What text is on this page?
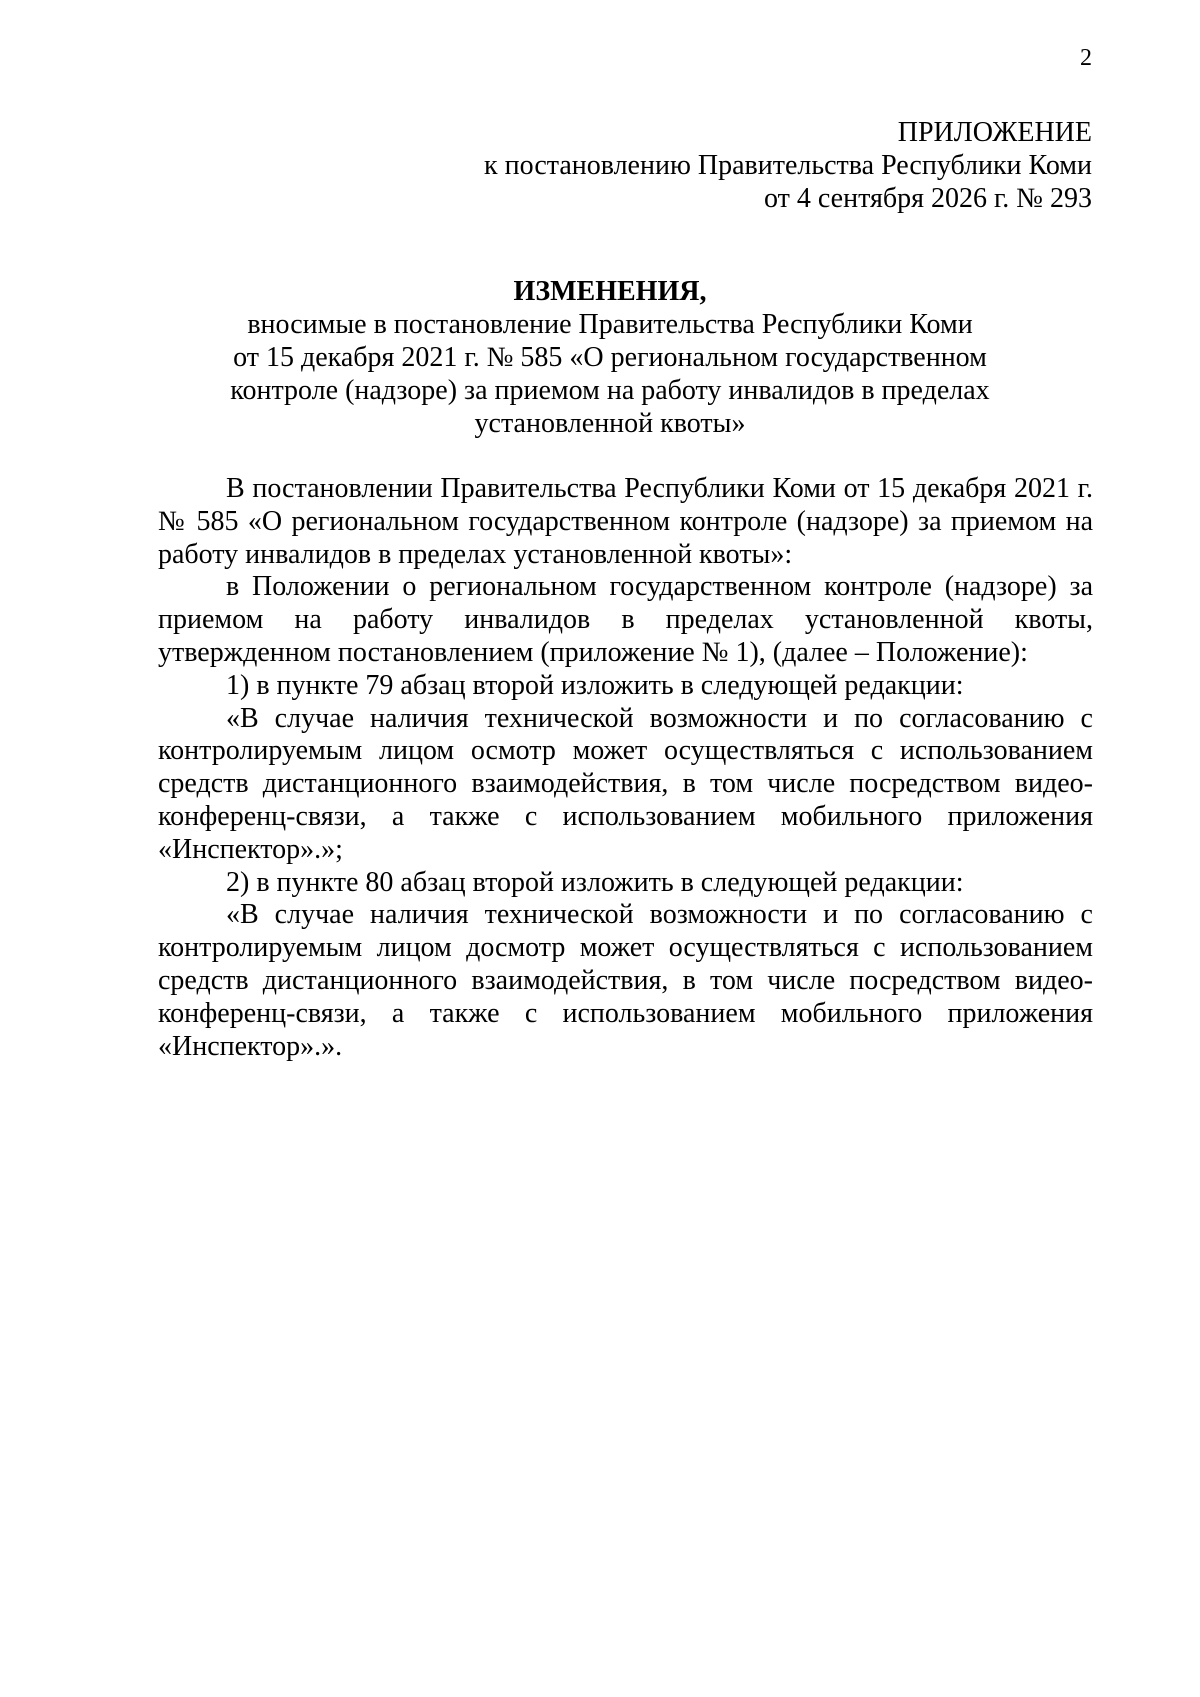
2
ПРИЛОЖЕНИЕ
к постановлению Правительства Республики Коми
от 4 сентября 2026 г. № 293
ИЗМЕНЕНИЯ,
вносимые в постановление Правительства Республики Коми
от 15 декабря 2021 г. № 585 «О региональном государственном
контроле (надзоре) за приемом на работу инвалидов в пределах
установленной квоты»

В постановлении Правительства Республики Коми от 15 декабря 2021 г. № 585 «О региональном государственном контроле (надзоре) за приемом на работу инвалидов в пределах установленной квоты»:

в Положении о региональном государственном контроле (надзоре) за приемом на работу инвалидов в пределах установленной квоты, утвержденном постановлением (приложение № 1), (далее – Положение):

1) в пункте 79 абзац второй изложить в следующей редакции:

«В случае наличия технической возможности и по согласованию с контролируемым лицом осмотр может осуществляться с использованием средств дистанционного взаимодействия, в том числе посредством видео-конференц-связи, а также с использованием мобильного приложения «Инспектор».»;

2) в пункте 80 абзац второй изложить в следующей редакции:

«В случае наличия технической возможности и по согласованию с контролируемым лицом досмотр может осуществляться с использованием средств дистанционного взаимодействия, в том числе посредством видео-конференц-связи, а также с использованием мобильного приложения «Инспектор».».
